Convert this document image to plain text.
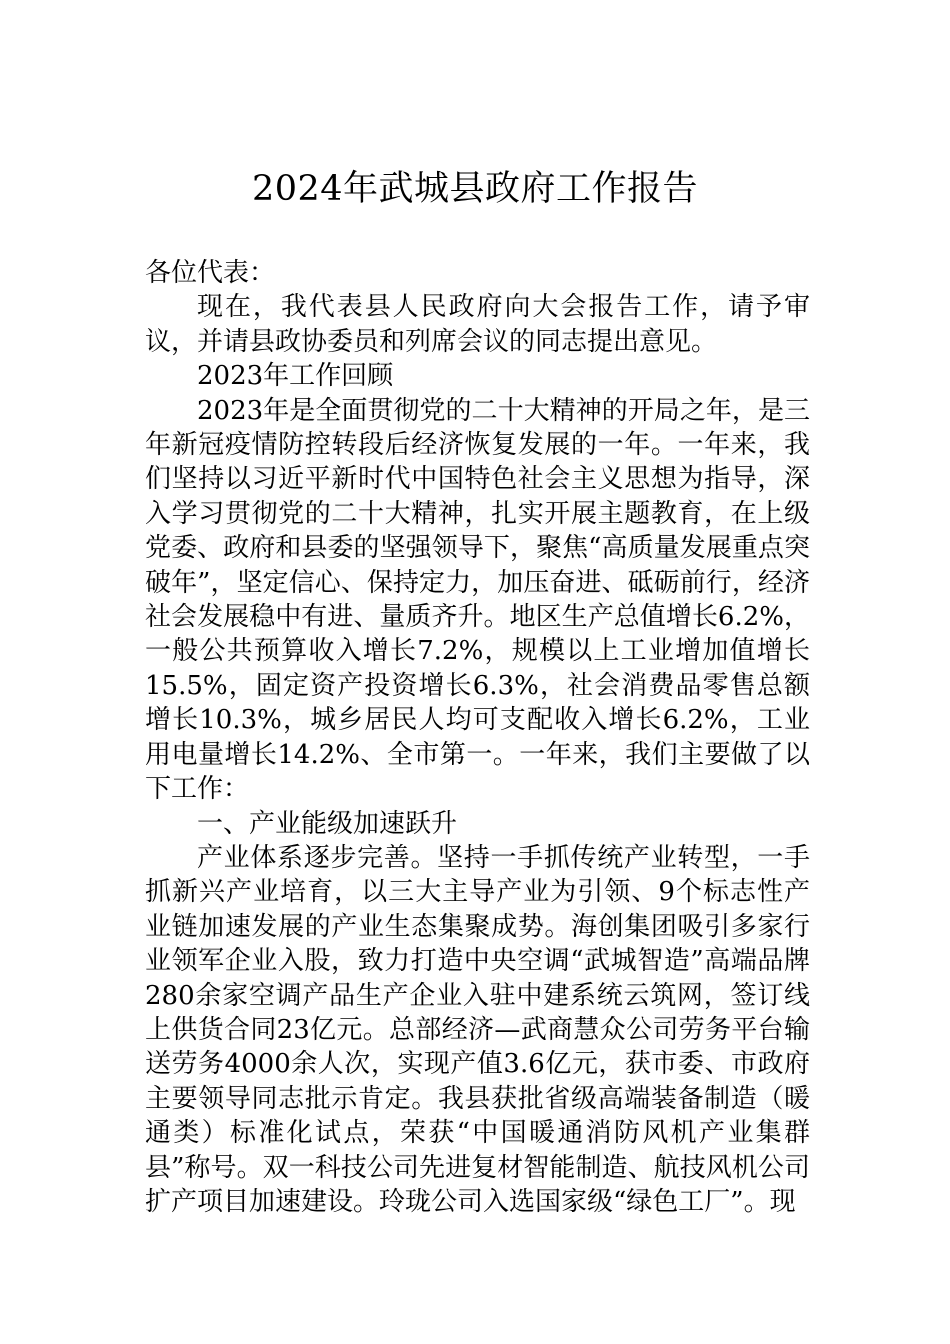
2024年武城县政府工作报告

各位代表：

现在，我代表县人民政府向大会报告工作，请予审议，并请县政协委员和列席会议的同志提出意见。

2023年工作回顾

2023年是全面贯彻党的二十大精神的开局之年，是三年新冠疫情防控转段后经济恢复发展的一年。一年来，我们坚持以习近平新时代中国特色社会主义思想为指导，深入学习贯彻党的二十大精神，扎实开展主题教育，在上级党委、政府和县委的坚强领导下，聚焦“高质量发展重点突破年”，坚定信心、保持定力，加压奋进、砥砺前行，经济社会发展稳中有进、量质齐升。地区生产总值增长6.2%，一般公共预算收入增长7.2%，规模以上工业增加值增长15.5%，固定资产投资增长6.3%，社会消费品零售总额增长10.3%，城乡居民人均可支配收入增长6.2%，工业用电量增长14.2%、全市第一。一年来，我们主要做了以下工作：

一、产业能级加速跃升

产业体系逐步完善。坚持一手抓传统产业转型，一手抓新兴产业培育，以三大主导产业为引领、9个标志性产业链加速发展的产业生态集聚成势。海创集团吸引多家行业领军企业入股，致力打造中央空调“武城智造”高端品牌280余家空调产品生产企业入驻中建系统云筑网，签订线上供货合同23亿元。总部经济—武商慧众公司劳务平台输送劳务4000余人次，实现产值3.6亿元，获市委、市政府主要领导同志批示肯定。我县获批省级高端装备制造（暖通类）标准化试点，荣获“中国暖通消防风机产业集群县”称号。双一科技公司先进复材智能制造、航技风机公司扩产项目加速建设。玲珑公司入选国家级“绿色工厂”。现
